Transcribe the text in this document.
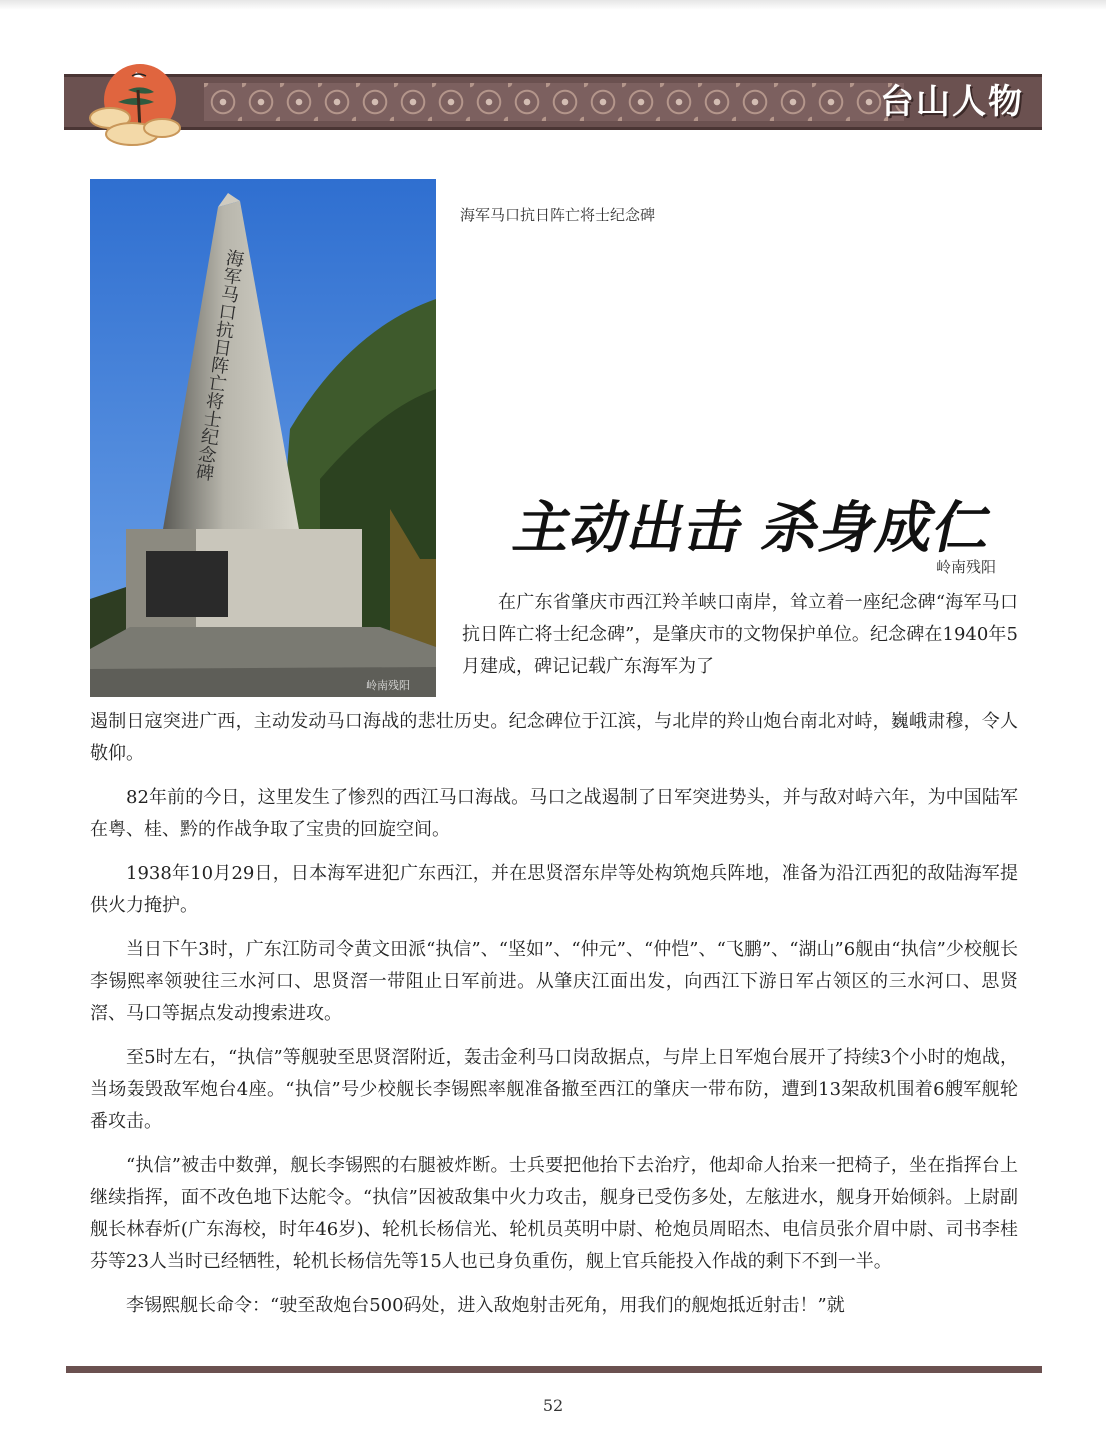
台山人物
海军马口抗日阵亡将士纪念碑
岭南残阳
海军马口抗日阵亡将士纪念碑
主动出击 杀身成仁
岭南残阳

在广东省肇庆市西江羚羊峡口南岸，耸立着一座纪念碑“海军马口抗日阵亡将士纪念碑”，是肇庆市的文物保护单位。纪念碑在1940年5月建成，碑记记载广东海军为了

遏制日寇突进广西，主动发动马口海战的悲壮历史。纪念碑位于江滨，与北岸的羚山炮台南北对峙，巍峨肃穆，令人敬仰。

82年前的今日，这里发生了惨烈的西江马口海战。马口之战遏制了日军突进势头，并与敌对峙六年，为中国陆军在粤、桂、黔的作战争取了宝贵的回旋空间。

1938年10月29日，日本海军进犯广东西江，并在思贤滘东岸等处构筑炮兵阵地，准备为沿江西犯的敌陆海军提供火力掩护。

当日下午3时，广东江防司令黄文田派“执信”、“坚如”、“仲元”、“仲恺”、“飞鹏”、“湖山”6舰由“执信”少校舰长李锡熙率领驶往三水河口、思贤滘一带阻止日军前进。从肇庆江面出发，向西江下游日军占领区的三水河口、思贤滘、马口等据点发动搜索进攻。

至5时左右，“执信”等舰驶至思贤滘附近，轰击金利马口岗敌据点，与岸上日军炮台展开了持续3个小时的炮战，当场轰毁敌军炮台4座。“执信”号少校舰长李锡熙率舰准备撤至西江的肇庆一带布防，遭到13架敌机围着6艘军舰轮番攻击。

“执信”被击中数弹，舰长李锡熙的右腿被炸断。士兵要把他抬下去治疗，他却命人抬来一把椅子，坐在指挥台上继续指挥，面不改色地下达舵令。“执信”因被敌集中火力攻击，舰身已受伤多处，左舷进水，舰身开始倾斜。上尉副舰长林春炘(广东海校，时年46岁)、轮机长杨信光、轮机员英明中尉、枪炮员周昭杰、电信员张介眉中尉、司书李桂芬等23人当时已经牺牲，轮机长杨信先等15人也已身负重伤，舰上官兵能投入作战的剩下不到一半。

李锡熙舰长命令：“驶至敌炮台500码处，进入敌炮射击死角，用我们的舰炮抵近射击！”就

52
